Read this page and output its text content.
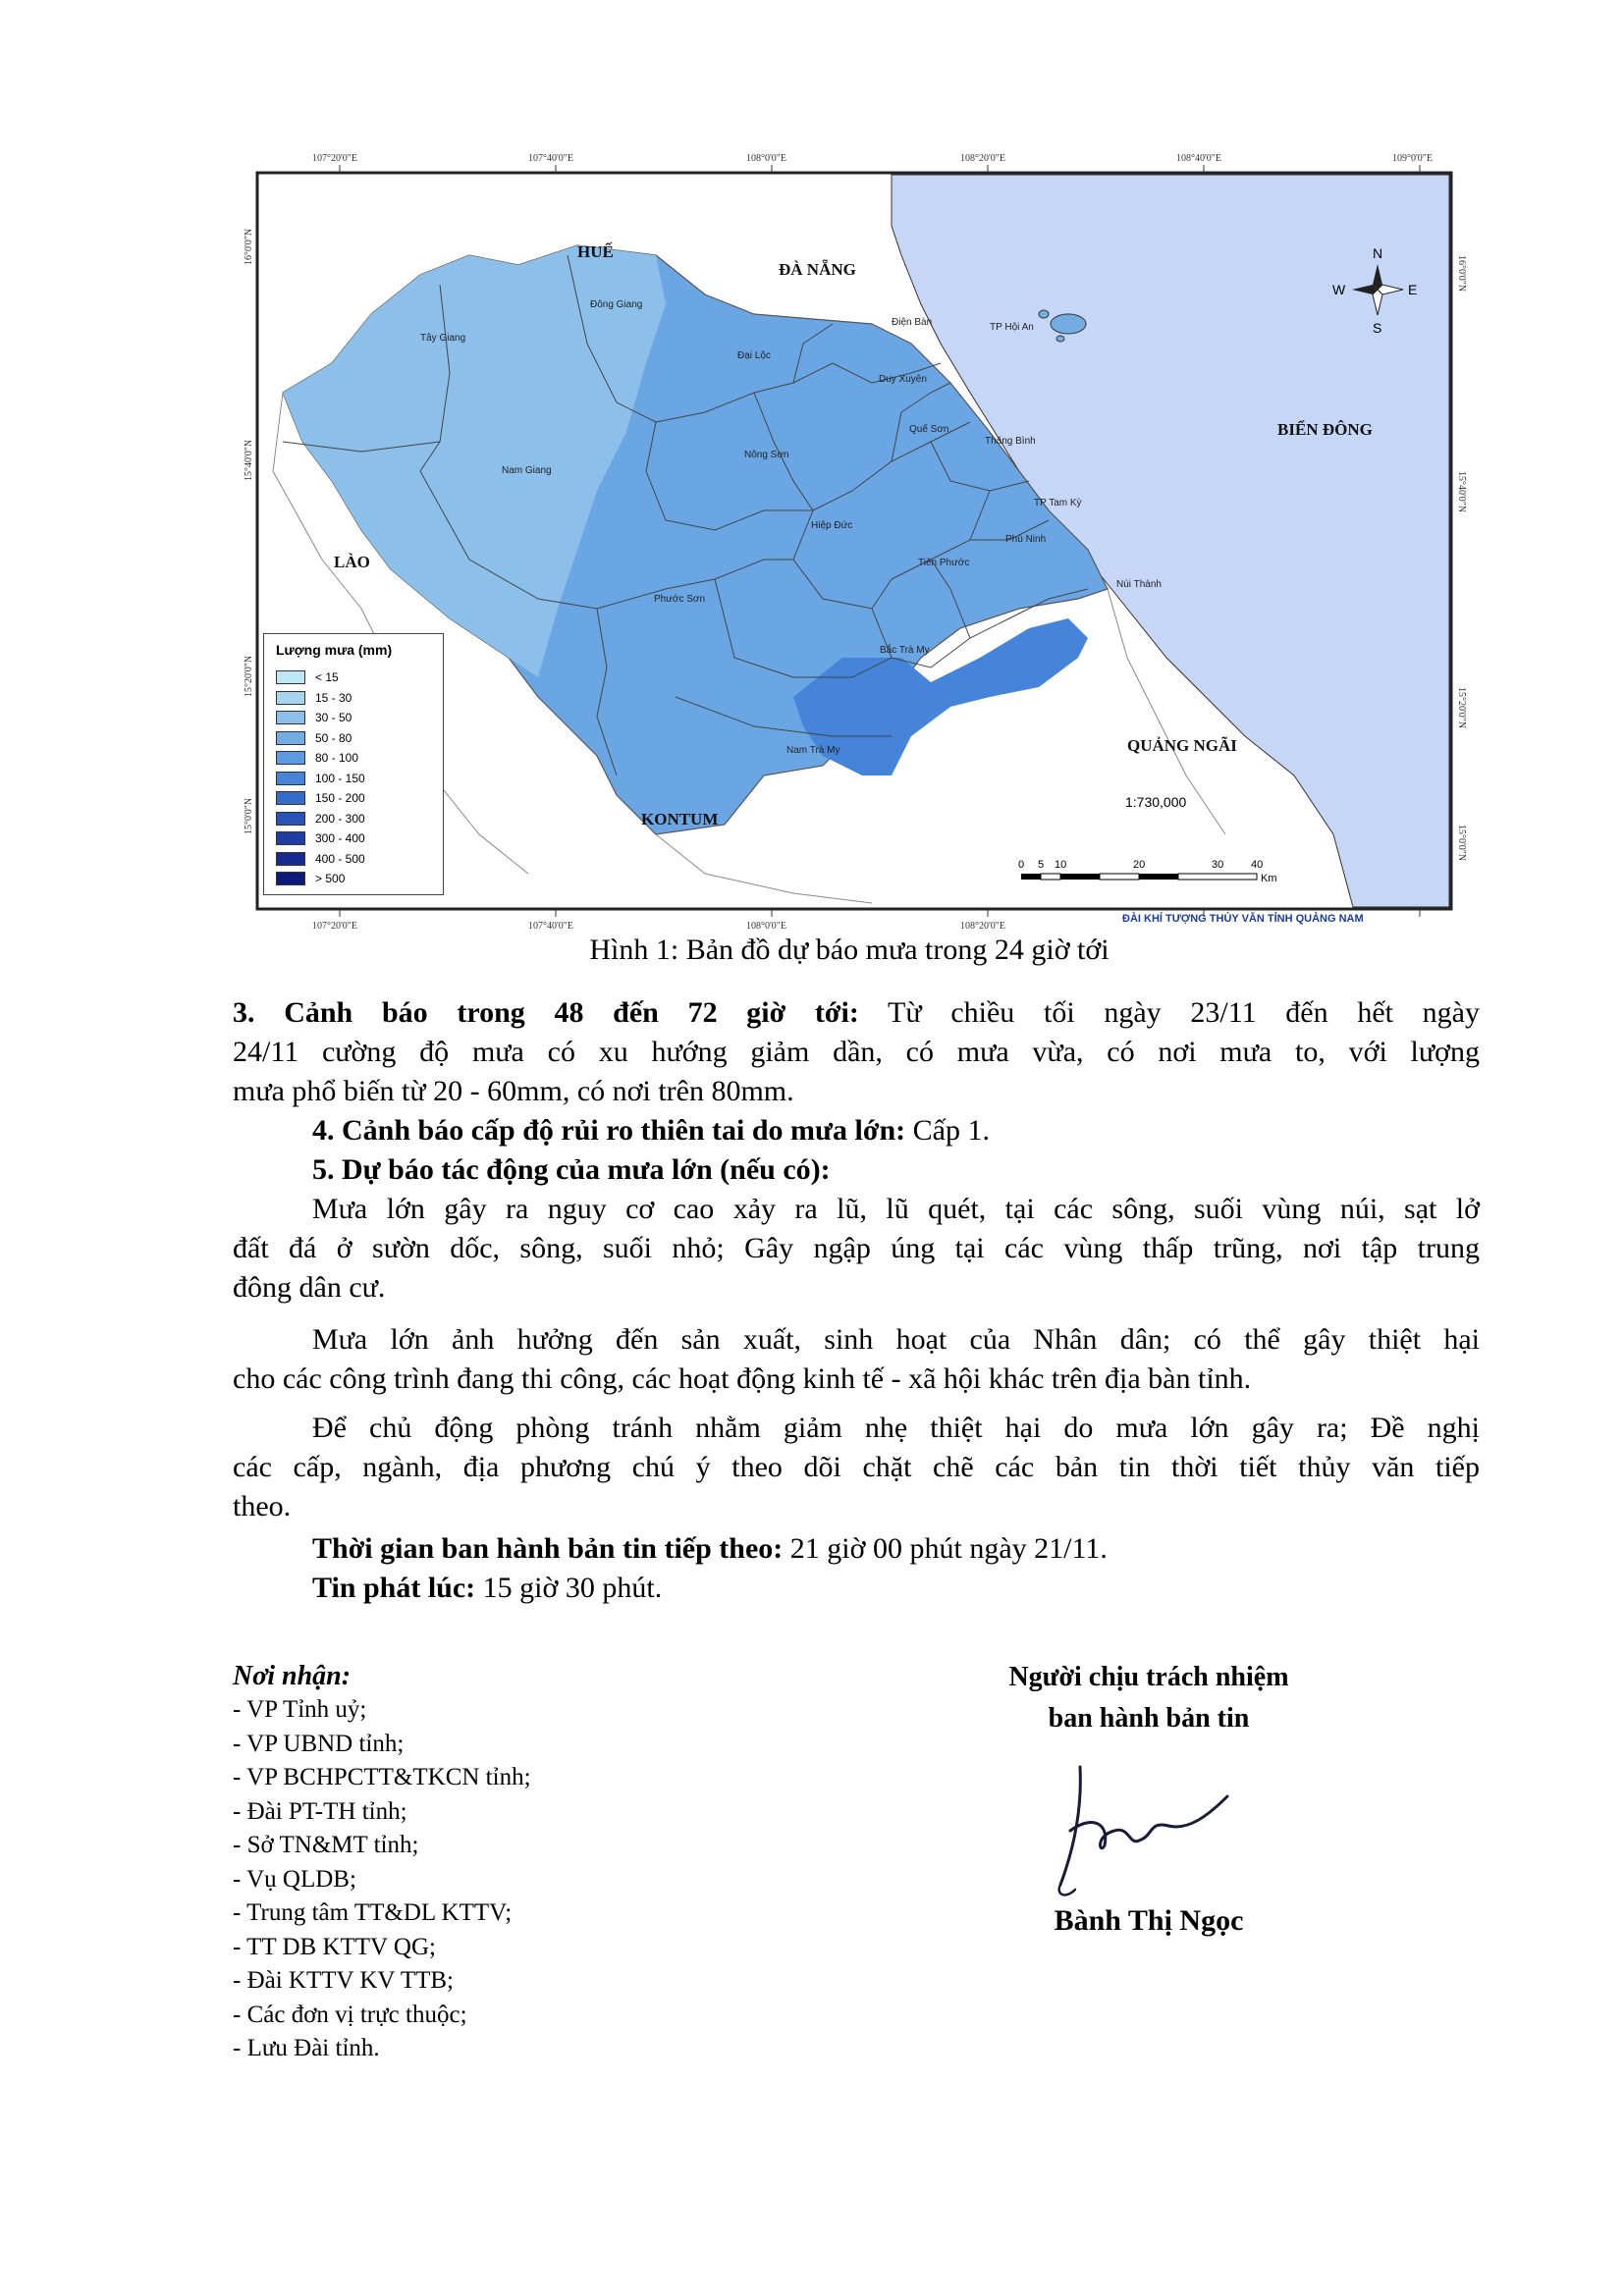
107°20'0"E	107°40'0"E	108°0'0"E	108°20'0"E	108°40'0"E	109°0'0"E
107°20'0"E	107°40'0"E	108°0'0"E	108°20'0"E
16°0'0"N
15°40'0"N
15°20'0"N
15°0'0"N
16°0'0"N
15°40'0"N
15°20'0"N
15°0'0"N
HUẾ
ĐÀ NẴNG
BIỂN ĐÔNG
LÀO
KONTUM
QUẢNG NGÃI
Tây Giang
Đông Giang
Đại Lộc
Điện Bàn	TP Hội An
Duy Xuyên
Quế Sơn
Thăng Bình
Nông Sơn
Nam Giang
TP Tam Kỳ
Hiệp Đức
Phú Ninh
Tiên Phước
Núi Thành
Phước Sơn
Bắc Trà My
Nam Trà My
N
S
E
W
1:730,000
0 5 10	20	30	40
Km
Lượng mưa (mm)
< 15
15 - 30
30 - 50
50 - 80
80 - 100
100 - 150
150 - 200
200 - 300
300 - 400
400 - 500
> 500
ĐÀI KHÍ TƯỢNG THỦY VĂN TỈNH QUẢNG NAM
Hình 1: Bản đồ dự báo mưa trong 24 giờ tới
3. Cảnh báo trong 48 đến 72 giờ tới: Từ chiều tối ngày 23/11 đến hết ngày
24/11 cường độ mưa có xu hướng giảm dần, có mưa vừa, có nơi mưa to, với lượng
mưa phổ biến từ 20 - 60mm, có nơi trên 80mm.
4. Cảnh báo cấp độ rủi ro thiên tai do mưa lớn: Cấp 1.
5. Dự báo tác động của mưa lớn (nếu có):
Mưa lớn gây ra nguy cơ cao xảy ra lũ, lũ quét, tại các sông, suối vùng núi, sạt lở
đất đá ở sườn dốc, sông, suối nhỏ; Gây ngập úng tại các vùng thấp trũng, nơi tập trung
đông dân cư.
Mưa lớn ảnh hưởng đến sản xuất, sinh hoạt của Nhân dân; có thể gây thiệt hại
cho các công trình đang thi công, các hoạt động kinh tế - xã hội khác trên địa bàn tỉnh.
Để chủ động phòng tránh nhằm giảm nhẹ thiệt hại do mưa lớn gây ra; Đề nghị
các cấp, ngành, địa phương chú ý theo dõi chặt chẽ các bản tin thời tiết thủy văn tiếp
theo.
Thời gian ban hành bản tin tiếp theo: 21 giờ 00 phút ngày 21/11.
Tin phát lúc: 15 giờ 30 phút.
Nơi nhận:
- VP Tỉnh uỷ;
- VP UBND tỉnh;
- VP BCHPCTT&TKCN tỉnh;
- Đài PT-TH tỉnh;
- Sở TN&MT tỉnh;
- Vụ QLDB;
- Trung tâm TT&DL KTTV;
- TT DB KTTV QG;
- Đài KTTV KV TTB;
- Các đơn vị trực thuộc;
- Lưu Đài tỉnh.
Người chịu trách nhiệm
ban hành bản tin
Bành Thị Ngọc
